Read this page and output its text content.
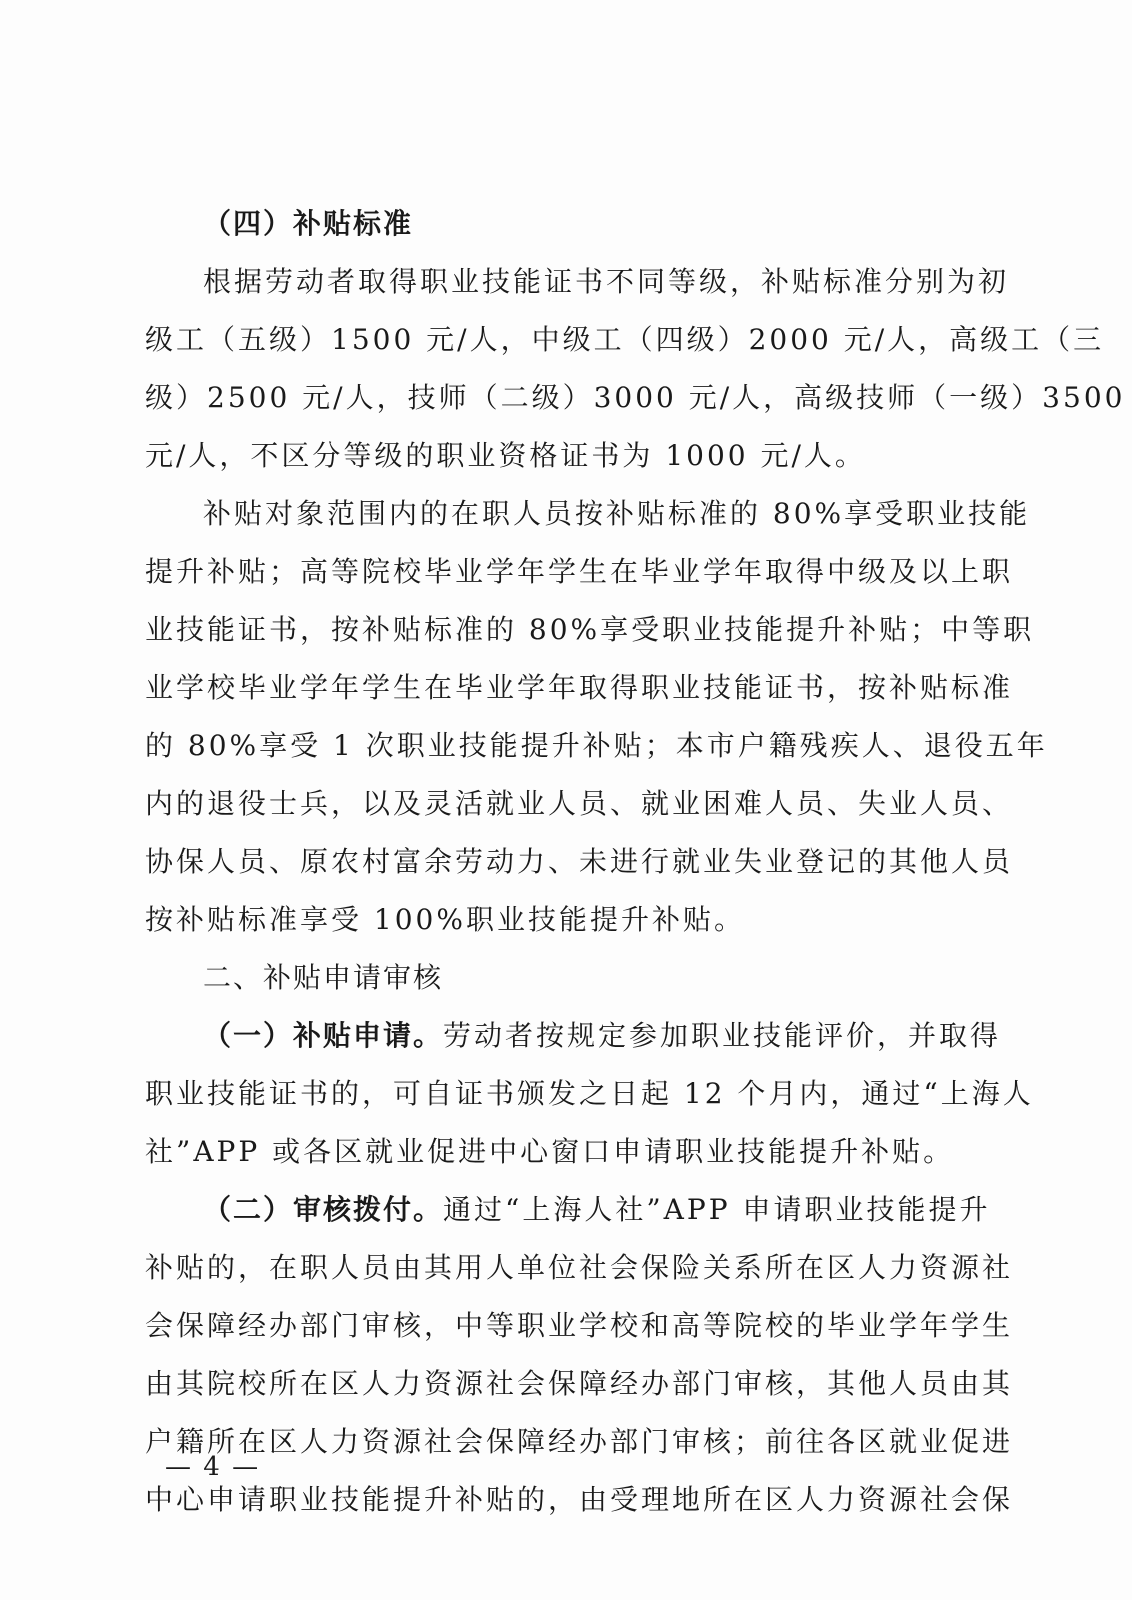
（四）补贴标准
根据劳动者取得职业技能证书不同等级，补贴标准分别为初
级工（五级）1500 元/人，中级工（四级）2000 元/人，高级工（三
级）2500 元/人，技师（二级）3000 元/人，高级技师（一级）3500
元/人，不区分等级的职业资格证书为 1000 元/人。
补贴对象范围内的在职人员按补贴标准的 80%享受职业技能
提升补贴；高等院校毕业学年学生在毕业学年取得中级及以上职
业技能证书，按补贴标准的 80%享受职业技能提升补贴；中等职
业学校毕业学年学生在毕业学年取得职业技能证书，按补贴标准
的 80%享受 1 次职业技能提升补贴；本市户籍残疾人、退役五年
内的退役士兵，以及灵活就业人员、就业困难人员、失业人员、
协保人员、原农村富余劳动力、未进行就业失业登记的其他人员
按补贴标准享受 100%职业技能提升补贴。
二、补贴申请审核
（一）补贴申请。劳动者按规定参加职业技能评价，并取得
职业技能证书的，可自证书颁发之日起 12 个月内，通过“上海人
社”APP 或各区就业促进中心窗口申请职业技能提升补贴。
（二）审核拨付。通过“上海人社”APP 申请职业技能提升
补贴的，在职人员由其用人单位社会保险关系所在区人力资源社
会保障经办部门审核，中等职业学校和高等院校的毕业学年学生
由其院校所在区人力资源社会保障经办部门审核，其他人员由其
户籍所在区人力资源社会保障经办部门审核；前往各区就业促进
中心申请职业技能提升补贴的，由受理地所在区人力资源社会保
— 4 —
